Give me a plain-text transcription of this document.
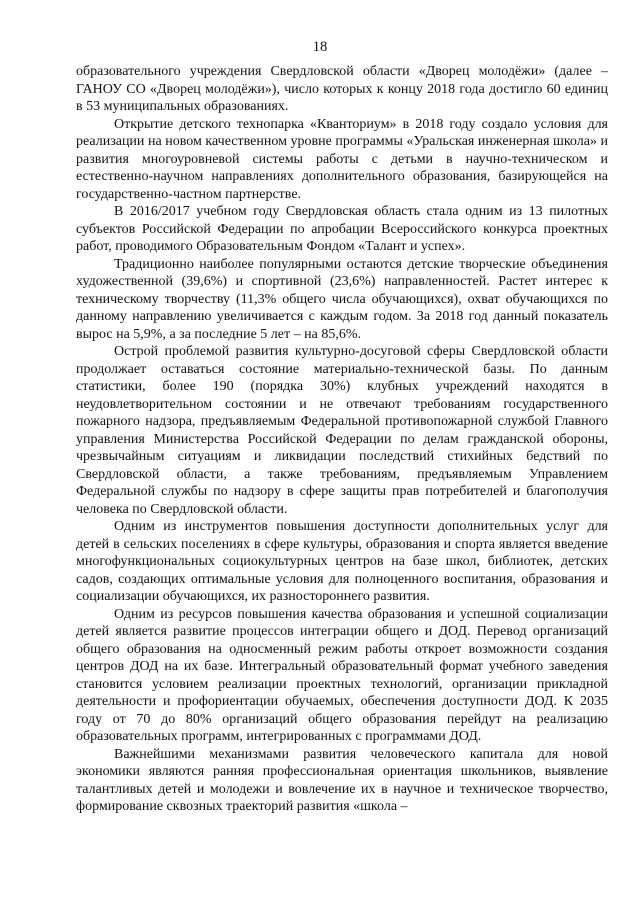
18

образовательного учреждения Свердловской области «Дворец молодёжи» (далее – ГАНОУ СО «Дворец молодёжи»), число которых к концу 2018 года достигло 60 единиц в 53 муниципальных образованиях.

Открытие детского технопарка «Кванториум» в 2018 году создало условия для реализации на новом качественном уровне программы «Уральская инженерная школа» и развития многоуровневой системы работы с детьми в научно-техническом и естественно-научном направлениях дополнительного образования, базирующейся на государственно-частном партнерстве.

В 2016/2017 учебном году Свердловская область стала одним из 13 пилотных субъектов Российской Федерации по апробации Всероссийского конкурса проектных работ, проводимого Образовательным Фондом «Талант и успех».

Традиционно наиболее популярными остаются детские творческие объединения художественной (39,6%) и спортивной (23,6%) направленностей. Растет интерес к техническому творчеству (11,3% общего числа обучающихся), охват обучающихся по данному направлению увеличивается с каждым годом. За 2018 год данный показатель вырос на 5,9%, а за последние 5 лет – на 85,6%.

Острой проблемой развития культурно-досуговой сферы Свердловской области продолжает оставаться состояние материально-технической базы. По данным статистики, более 190 (порядка 30%) клубных учреждений находятся в неудовлетворительном состоянии и не отвечают требованиям государственного пожарного надзора, предъявляемым Федеральной противопожарной службой Главного управления Министерства Российской Федерации по делам гражданской обороны, чрезвычайным ситуациям и ликвидации последствий стихийных бедствий по Свердловской области, а также требованиям, предъявляемым Управлением Федеральной службы по надзору в сфере защиты прав потребителей и благополучия человека по Свердловской области.

Одним из инструментов повышения доступности дополнительных услуг для детей в сельских поселениях в сфере культуры, образования и спорта является введение многофункциональных социокультурных центров на базе школ, библиотек, детских садов, создающих оптимальные условия для полноценного воспитания, образования и социализации обучающихся, их разностороннего развития.

Одним из ресурсов повышения качества образования и успешной социализации детей является развитие процессов интеграции общего и ДОД. Перевод организаций общего образования на односменный режим работы откроет возможности создания центров ДОД на их базе. Интегральный образовательный формат учебного заведения становится условием реализации проектных технологий, организации прикладной деятельности и профориентации обучаемых, обеспечения доступности ДОД. К 2035 году от 70 до 80% организаций общего образования перейдут на реализацию образовательных программ, интегрированных с программами ДОД.

Важнейшими механизмами развития человеческого капитала для новой экономики являются ранняя профессиональная ориентация школьников, выявление талантливых детей и молодежи и вовлечение их в научное и техническое творчество, формирование сквозных траекторий развития «школа –
